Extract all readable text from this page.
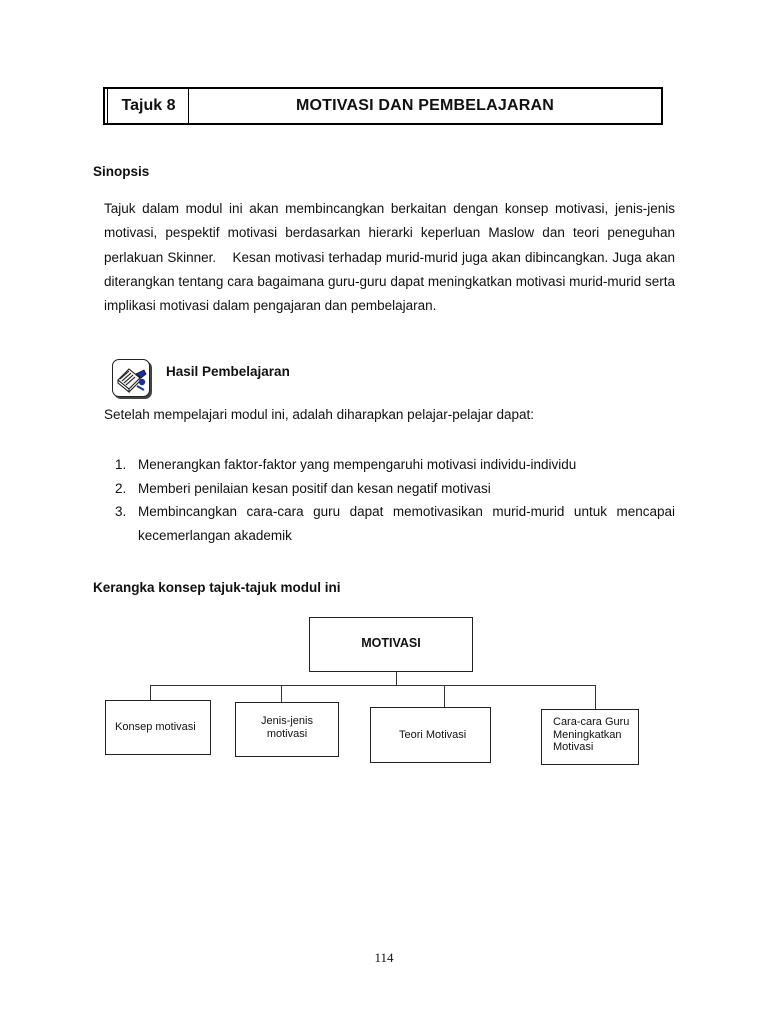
Tajuk 8	MOTIVASI DAN PEMBELAJARAN
Sinopsis
Tajuk dalam modul ini akan membincangkan berkaitan dengan konsep motivasi, jenis-jenis motivasi, pespektif motivasi berdasarkan hierarki keperluan Maslow dan teori peneguhan perlakuan Skinner.    Kesan motivasi terhadap murid-murid juga akan dibincangkan. Juga akan diterangkan tentang cara bagaimana guru-guru dapat meningkatkan motivasi murid-murid serta implikasi motivasi dalam pengajaran dan pembelajaran.
Hasil Pembelajaran
Setelah mempelajari modul ini, adalah diharapkan pelajar-pelajar dapat:
1. Menerangkan faktor-faktor yang mempengaruhi motivasi individu-individu
2. Memberi penilaian kesan positif dan kesan negatif motivasi
3. Membincangkan cara-cara guru dapat memotivasikan murid-murid untuk mencapai kecemerlangan akademik
Kerangka konsep tajuk-tajuk modul ini
MOTIVASI
Konsep motivasi
Jenis-jenis motivasi	Teori Motivasi
Cara-cara Guru Meningkatkan Motivasi
114
